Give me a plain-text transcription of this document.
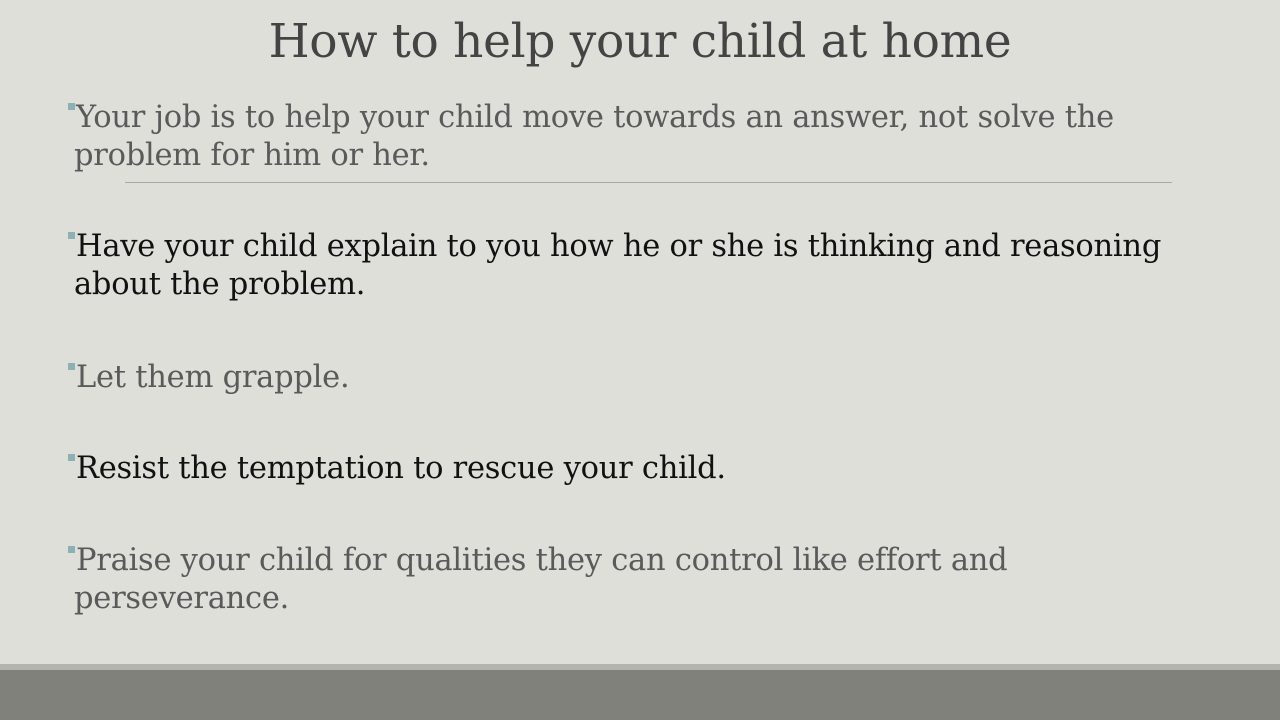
How to help your child at home
Your job is to help your child move towards an answer, not solve the problem for him or her.
Have your child explain to you how he or she is thinking and reasoning about the problem.
Let them grapple.
Resist the temptation to rescue your child.
Praise your child for qualities they can control like effort and perseverance.
